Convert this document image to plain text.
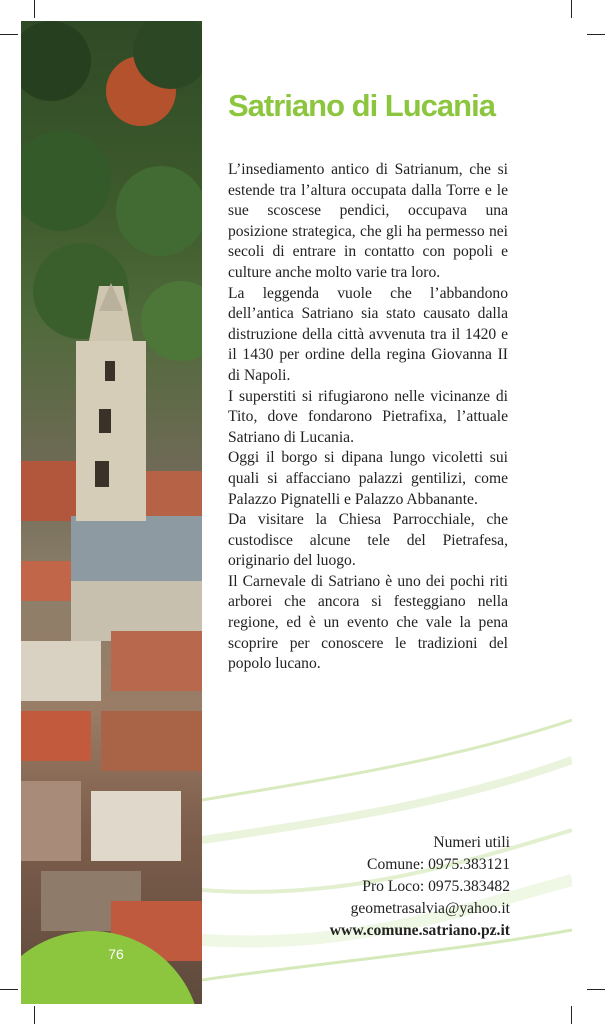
76
Satriano di Lucania

L’insediamento antico di Satrianum, che si estende tra l’altura occupata dalla Torre e le sue scoscese pendici, occupava una posizione strategica, che gli ha permesso nei secoli di entrare in contatto con popoli e culture anche molto varie tra loro.

La leggenda vuole che l’abbandono dell’antica Satriano sia stato causato dalla distruzione della città avvenuta tra il 1420 e il 1430 per ordine della regina Giovanna II di Napoli.

I superstiti si rifugiarono nelle vicinanze di Tito, dove fondarono Pietrafixa, l’attuale Satriano di Lucania.

Oggi il borgo si dipana lungo vicoletti sui quali si affacciano palazzi gentilizi, come Palazzo Pignatelli e Palazzo Abbanante.

Da visitare la Chiesa Parrocchiale, che custodisce alcune tele del Pietrafesa, originario del luogo.

Il Carnevale di Satriano è uno dei pochi riti arborei che ancora si festeggiano nella regione, ed è un evento che vale la pena scoprire per conoscere le tradizioni del popolo lucano.

Numeri utili
Comune: 0975.383121
Pro Loco: 0975.383482
geometrasalvia@yahoo.it
www.comune.satriano.pz.it
